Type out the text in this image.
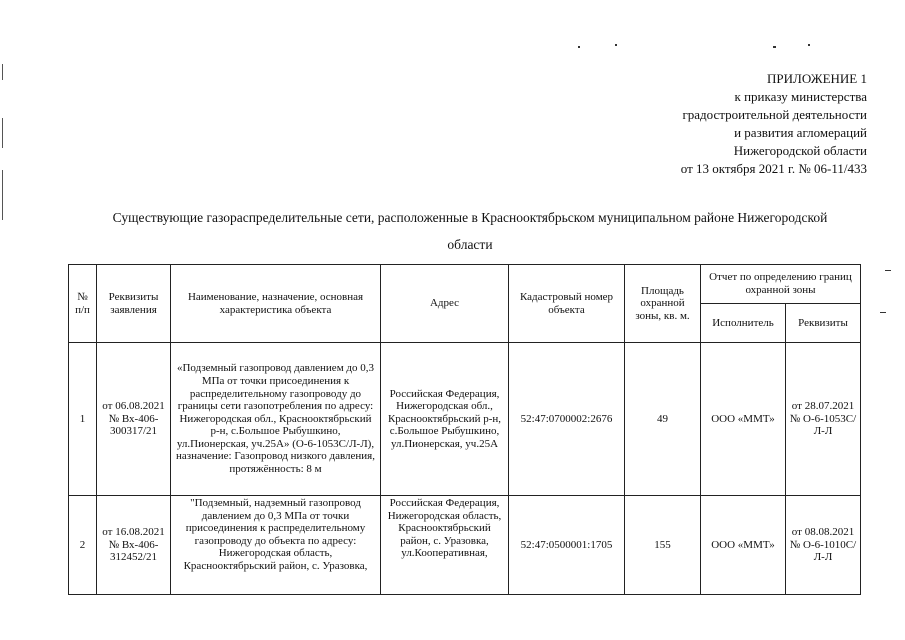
ПРИЛОЖЕНИЕ 1
к приказу министерства
градостроительной деятельности
и развития агломераций
Нижегородской области
от 13 октября 2021 г. № 06-11/433
Существующие газораспределительные сети, расположенные в Краснооктябрьском муниципальном районе Нижегородской
области
№ п/п	Реквизиты заявления	Наименование, назначение, основная характеристика объекта	Адрес	Кадастровый номер объекта	Площадь охранной зоны, кв. м.	Отчет по определению границ охранной зоны	
						Исполнитель	Реквизиты
1	от 06.08.2021 № Вх-406-300317/21	«Подземный газопровод давлением до 0,3 МПа от точки присоединения к распределительному газопроводу до границы сети газопотребления по адресу: Нижегородская обл., Краснооктябрьский р-н, с.Большое Рыбушкино, ул.Пионерская, уч.25А» (О-6-1053С/Л-Л), назначение: Газопровод низкого давления, протяжённость: 8 м	Российская Федерация, Нижегородская обл., Краснооктябрьский р-н, с.Большое Рыбушкино, ул.Пионерская, уч.25А	52:47:0700002:2676	49	ООО «ММТ»	от 28.07.2021 № О-6-1053С/Л-Л
2	от 16.08.2021 № Вх-406-312452/21	"Подземный, надземный газопровод давлением до 0,3 МПа от точки присоединения к распределительному газопроводу до объекта по адресу: Нижегородская область, Краснооктябрьский район, с. Уразовка,	Российская Федерация, Нижегородская область, Краснооктябрьский район, с. Уразовка, ул.Кооперативная,	52:47:0500001:1705	155	ООО «ММТ»	от 08.08.2021 № О-6-1010С/Л-Л
